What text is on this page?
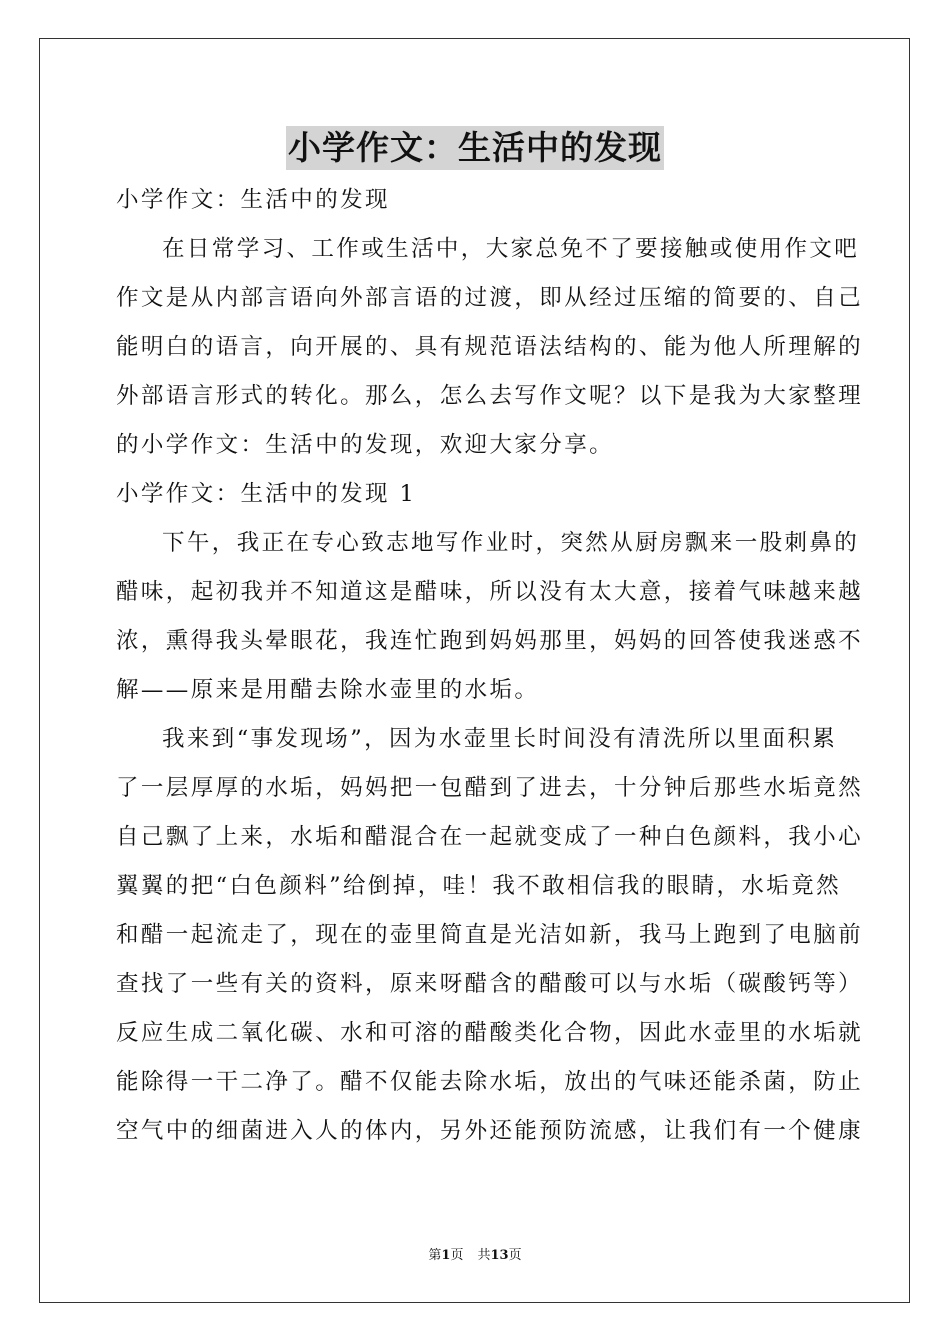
小学作文：生活中的发现
小学作文：生活中的发现
在日常学习、工作或生活中，大家总免不了要接触或使用作文吧
作文是从内部言语向外部言语的过渡，即从经过压缩的简要的、自己
能明白的语言，向开展的、具有规范语法结构的、能为他人所理解的
外部语言形式的转化。那么，怎么去写作文呢？以下是我为大家整理
的小学作文：生活中的发现，欢迎大家分享。
小学作文：生活中的发现 1
下午，我正在专心致志地写作业时，突然从厨房飘来一股刺鼻的
醋味，起初我并不知道这是醋味，所以没有太大意，接着气味越来越
浓，熏得我头晕眼花，我连忙跑到妈妈那里，妈妈的回答使我迷惑不
解——原来是用醋去除水壶里的水垢。
我来到“事发现场”，因为水壶里长时间没有清洗所以里面积累
了一层厚厚的水垢，妈妈把一包醋到了进去，十分钟后那些水垢竟然
自己飘了上来，水垢和醋混合在一起就变成了一种白色颜料，我小心
翼翼的把“白色颜料”给倒掉，哇！我不敢相信我的眼睛，水垢竟然
和醋一起流走了，现在的壶里简直是光洁如新，我马上跑到了电脑前
查找了一些有关的资料，原来呀醋含的醋酸可以与水垢（碳酸钙等）
反应生成二氧化碳、水和可溶的醋酸类化合物，因此水壶里的水垢就
能除得一干二净了。醋不仅能去除水垢，放出的气味还能杀菌，防止
空气中的细菌进入人的体内，另外还能预防流感，让我们有一个健康
第1页 共13页
